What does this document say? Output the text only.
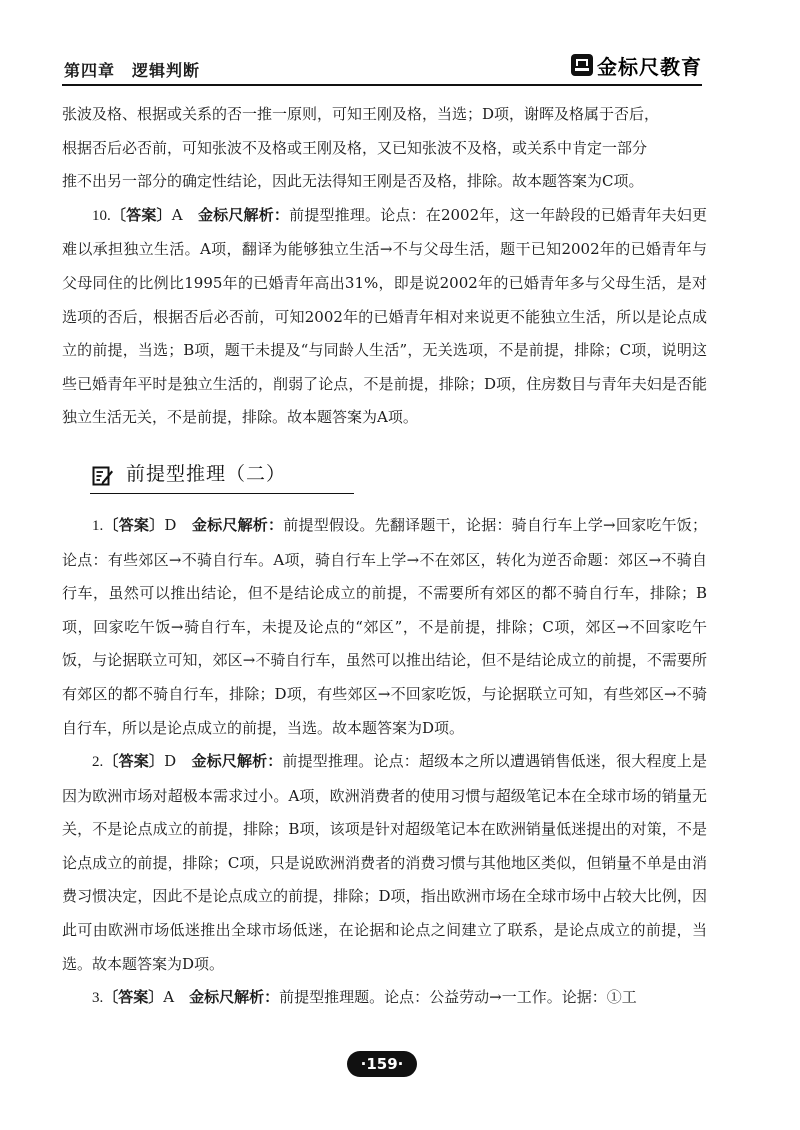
第四章　逻辑判断	金标尺教育

张波及格、根据或关系的否一推一原则，可知王刚及格，当选；D项，谢晖及格属于否后，

根据否后必否前，可知张波不及格或王刚及格，又已知张波不及格，或关系中肯定一部分

推不出另一部分的确定性结论，因此无法得知王刚是否及格，排除。故本题答案为C项。

10.〔答案〕A　 金标尺解析：前提型推理。论点：在2002年，这一年龄段的已婚青年夫妇更难以承担独立生活。A项，翻译为能够独立生活→不与父母生活，题干已知2002年的已婚青年与父母同住的比例比1995年的已婚青年高出31%，即是说2002年的已婚青年多与父母生活，是对选项的否后，根据否后必否前，可知2002年的已婚青年相对来说更不能独立生活，所以是论点成立的前提，当选；B项，题干未提及“与同龄人生活”，无关选项，不是前提，排除；C项，说明这些已婚青年平时是独立生活的，削弱了论点，不是前提，排除；D项，住房数目与青年夫妇是否能独立生活无关，不是前提，排除。故本题答案为A项。

前提型推理（二）

1.〔答案〕D　 金标尺解析：前提型假设。先翻译题干，论据：骑自行车上学→回家吃午饭；论点：有些郊区→不骑自行车。A项，骑自行车上学→不在郊区，转化为逆否命题：郊区→不骑自行车，虽然可以推出结论，但不是结论成立的前提，不需要所有郊区的都不骑自行车，排除；B项，回家吃午饭→骑自行车，未提及论点的“郊区”，不是前提，排除；C项，郊区→不回家吃午饭，与论据联立可知，郊区→不骑自行车，虽然可以推出结论，但不是结论成立的前提，不需要所有郊区的都不骑自行车，排除；D项，有些郊区→不回家吃饭，与论据联立可知，有些郊区→不骑自行车，所以是论点成立的前提，当选。故本题答案为D项。

2.〔答案〕D　 金标尺解析：前提型推理。论点：超级本之所以遭遇销售低迷，很大程度上是因为欧洲市场对超极本需求过小。A项，欧洲消费者的使用习惯与超级笔记本在全球市场的销量无关，不是论点成立的前提，排除；B项，该项是针对超级笔记本在欧洲销量低迷提出的对策，不是论点成立的前提，排除；C项，只是说欧洲消费者的消费习惯与其他地区类似，但销量不单是由消费习惯决定，因此不是论点成立的前提，排除；D项，指出欧洲市场在全球市场中占较大比例，因此可由欧洲市场低迷推出全球市场低迷，在论据和论点之间建立了联系，是论点成立的前提，当选。故本题答案为D项。

3.〔答案〕A　 金标尺解析：前提型推理题。论点：公益劳动→一工作。论据：①工

·159·
